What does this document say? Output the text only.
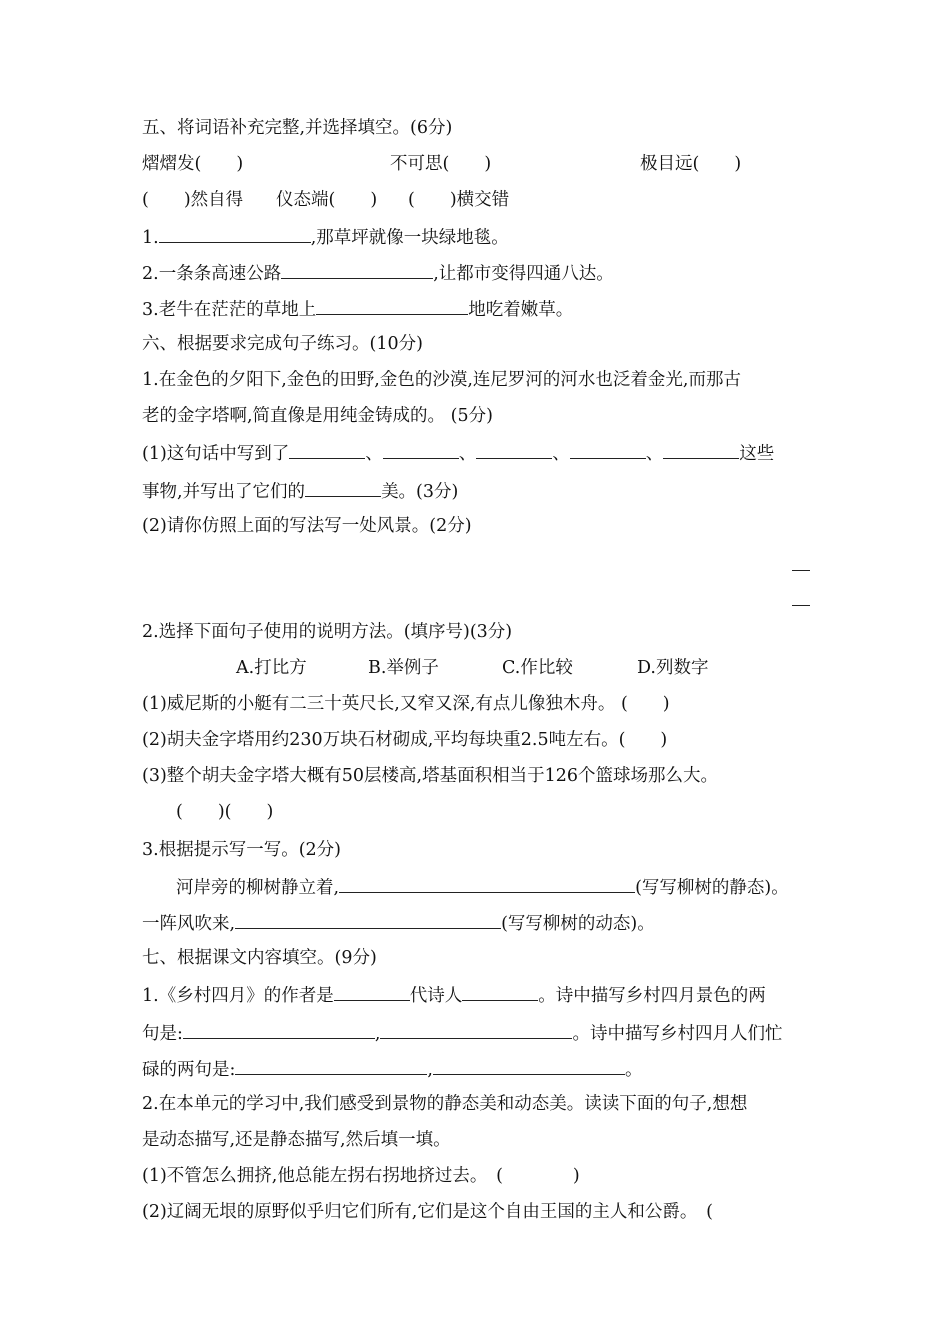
五、将词语补充完整,并选择填空。(6分)
熠熠发(　　)	不可思(　　)	极目远(　　)
(　　)然自得 仪态端(　　) (　　)横交错
1.	,那草坪就像一块绿地毯。
2.一条条高速公路	,让都市变得四通八达。
3.老牛在茫茫的草地上	地吃着嫩草。
六、根据要求完成句子练习。(10分)
1.在金色的夕阳下,金色的田野,金色的沙漠,连尼罗河的河水也泛着金光,而那古
老的金字塔啊,简直像是用纯金铸成的。 (5分)
(1)这句话中写到了	、	、	、	、	这些
事物,并写出了它们的	美。(3分)
(2)请你仿照上面的写法写一处风景。(2分)
2.选择下面句子使用的说明方法。(填序号)(3分)
A.打比方	B.举例子	C.作比较	D.列数字
(1)威尼斯的小艇有二三十英尺长,又窄又深,有点儿像独木舟。 (　　)
(2)胡夫金字塔用约230万块石材砌成,平均每块重2.5吨左右。(　　)
(3)整个胡夫金字塔大概有50层楼高,塔基面积相当于126个篮球场那么大。
(　　)(　　)
3.根据提示写一写。(2分)
河岸旁的柳树静立着,	(写写柳树的静态)。
一阵风吹来,	(写写柳树的动态)。
七、根据课文内容填空。(9分)
1.《乡村四月》的作者是	代诗人	。诗中描写乡村四月景色的两
句是:	,	。诗中描写乡村四月人们忙
碌的两句是:	,	。
2.在本单元的学习中,我们感受到景物的静态美和动态美。读读下面的句子,想想
是动态描写,还是静态描写,然后填一填。
(1)不管怎么拥挤,他总能左拐右拐地挤过去。　(　　　　)
(2)辽阔无垠的原野似乎归它们所有,它们是这个自由王国的主人和公爵。　(
